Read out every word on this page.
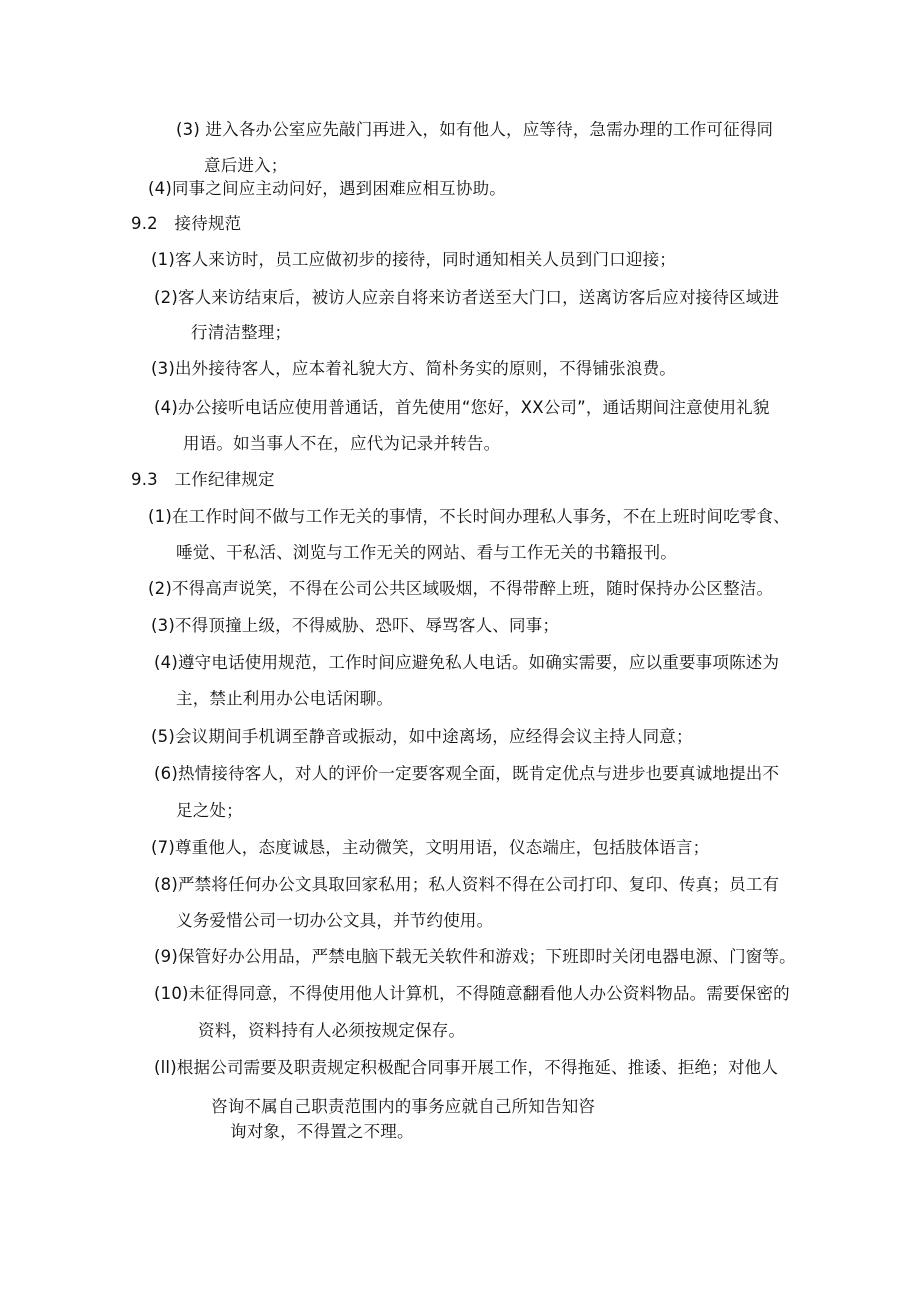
(3) 进入各办公室应先敲门再进入，如有他人，应等待，急需办理的工作可征得同
意后进入；
(4)同事之间应主动问好，遇到困难应相互协助。
9.2　接待规范
(1)客人来访时，员工应做初步的接待，同时通知相关人员到门口迎接；
(2)客人来访结束后，被访人应亲自将来访者送至大门口，送离访客后应对接待区域进
行清洁整理；
(3)出外接待客人，应本着礼貌大方、简朴务实的原则，不得铺张浪费。
(4)办公接听电话应使用普通话，首先使用“您好，XX公司”，通话期间注意使用礼貌
用语。如当事人不在，应代为记录并转告。
9.3　工作纪律规定
(1)在工作时间不做与工作无关的事情，不长时间办理私人事务，不在上班时间吃零食、
唾觉、干私活、浏览与工作无关的网站、看与工作无关的书籍报刊。
(2)不得高声说笑，不得在公司公共区域吸烟，不得带醉上班，随时保持办公区整洁。
(3)不得顶撞上级，不得威胁、恐吓、辱骂客人、同事；
(4)遵守电话使用规范，工作时间应避免私人电话。如确实需要，应以重要事项陈述为
主，禁止利用办公电话闲聊。
(5)会议期间手机调至静音或振动，如中途离场，应经得会议主持人同意；
(6)热情接待客人，对人的评价一定要客观全面，既肯定优点与进步也要真诚地提出不
足之处；
(7)尊重他人，态度诚恳，主动微笑，文明用语，仪态端庄，包括肢体语言；
(8)严禁将任何办公文具取回家私用；私人资料不得在公司打印、复印、传真；员工有
义务爱惜公司一切办公文具，并节约使用。
(9)保管好办公用品，严禁电脑下载无关软件和游戏；下班即时关闭电器电源、门窗等。
(10)未征得同意，不得使用他人计算机，不得随意翻看他人办公资料物品。需要保密的
资料，资料持有人必须按规定保存。
(ll)根据公司需要及职责规定积极配合同事开展工作，不得拖延、推诿、拒绝；对他人
咨询不属自己职责范围内的事务应就自己所知告知咨
询对象，不得置之不理。
